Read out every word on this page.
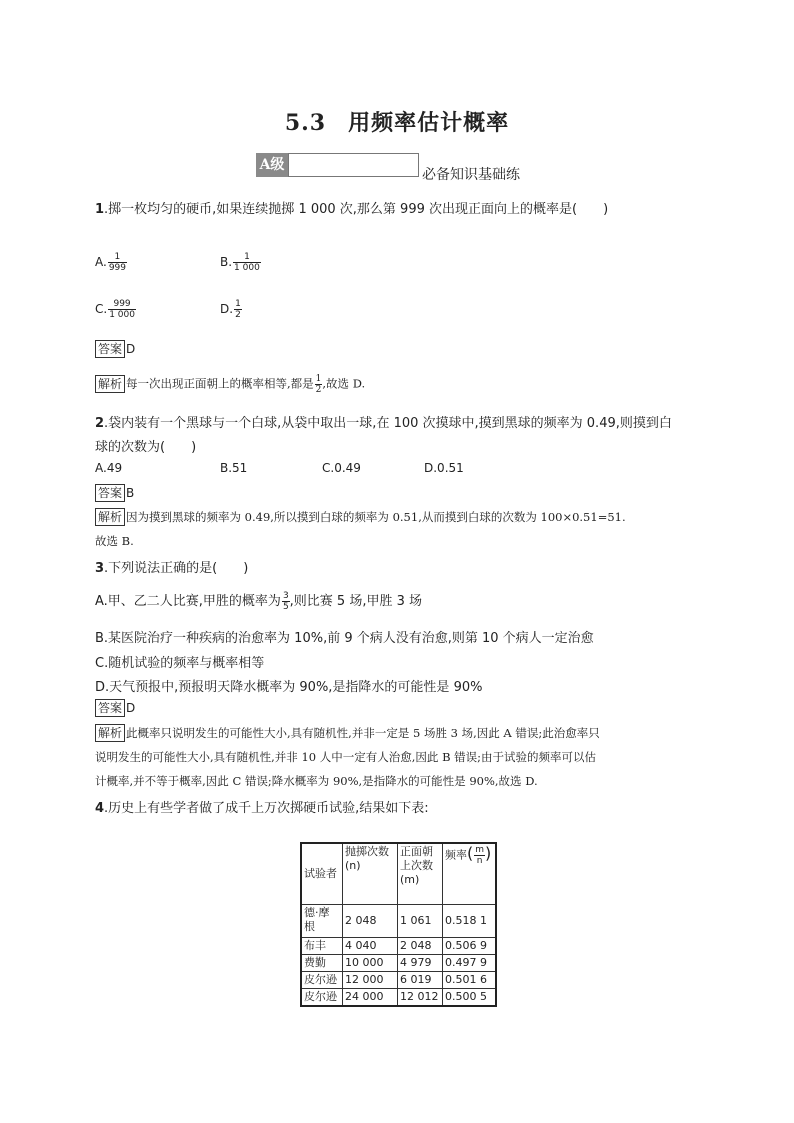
5.3 用频率估计概率
A级
必备知识基础练
1.掷一枚均匀的硬币,如果连续抛掷 1 000 次,那么第 999 次出现正面向上的概率是(　　)
A. $\frac{1}{999}$	B. $\frac{1}{1 000}$
C. $\frac{999}{1 000}$	D. $\frac{1}{2}$
答案 D
解析 每一次出现正面朝上的概率相等,都是 $\frac{1}{2}$ ,故选 D.
2.袋内装有一个黑球与一个白球,从袋中取出一球,在 100 次摸球中,摸到黑球的频率为 0.49,则摸到白
球的次数为(　　)
A.49	B.51	C.0.49	D.0.51
答案 B
解析 因为摸到黑球的频率为 0.49,所以摸到白球的频率为 0.51,从而摸到白球的次数为 100×0.51=51.
故选 B.
3.下列说法正确的是(　　)
A.甲、乙二人比赛,甲胜的概率为 $\frac{3}{5}$ ,则比赛 5 场,甲胜 3 场
B.某医院治疗一种疾病的治愈率为 10%,前 9 个病人没有治愈,则第 10 个病人一定治愈
C.随机试验的频率与概率相等
D.天气预报中,预报明天降水概率为 90%,是指降水的可能性是 90%
答案 D
解析 此概率只说明发生的可能性大小,具有随机性,并非一定是 5 场胜 3 场,因此 A 错误;此治愈率只
说明发生的可能性大小,具有随机性,并非 10 人中一定有人治愈,因此 B 错误;由于试验的频率可以估
计概率,并不等于概率,因此 C 错误;降水概率为 90%,是指降水的可能性是 90%,故选 D.
4.历史上有些学者做了成千上万次掷硬币试验,结果如下表:
试验者	抛掷次数(n)	正面朝上次数(m)	频率( $\frac{m}{n}$ )
德·摩根	2 048	1 061	0.518 1
布丰	4 040	2 048	0.506 9
费勤	10 000	4 979	0.497 9
皮尔逊	12 000	6 019	0.501 6
皮尔逊	24 000	12 012	0.500 5
